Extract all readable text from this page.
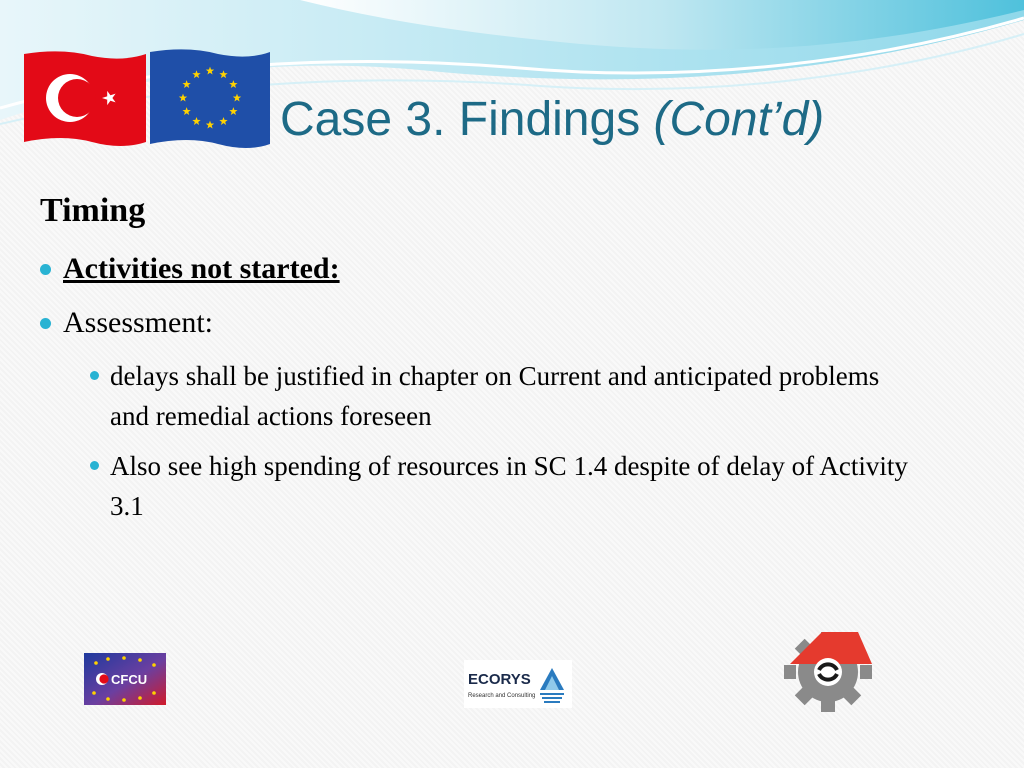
Case 3. Findings (Cont’d)
Timing
Activities not started:
Assessment:
delays shall be justified in chapter on Current and anticipated problems and remedial actions foreseen
Also see high spending of resources in SC 1.4 despite of delay of Activity 3.1
CFCU	ECORYS
Research and Consulting
